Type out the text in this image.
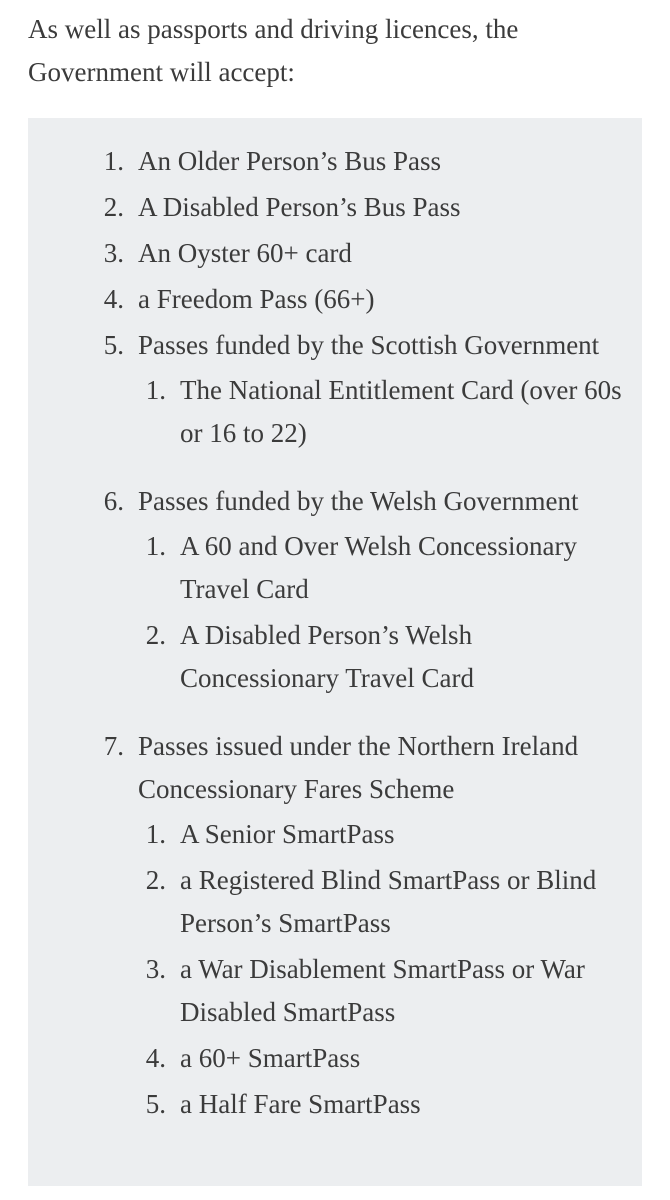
As well as passports and driving licences, the Government will accept:

1. An Older Person’s Bus Pass
2. A Disabled Person’s Bus Pass
3. An Oyster 60+ card
4. a Freedom Pass (66+)
5. Passes funded by the Scottish Government
1. The National Entitlement Card (over 60s or 16 to 22)
6. Passes funded by the Welsh Government
1. A 60 and Over Welsh Concessionary Travel Card
2. A Disabled Person’s Welsh Concessionary Travel Card
7. Passes issued under the Northern Ireland Concessionary Fares Scheme
1. A Senior SmartPass
2. a Registered Blind SmartPass or Blind Person’s SmartPass
3. a War Disablement SmartPass or War Disabled SmartPass
4. a 60+ SmartPass
5. a Half Fare SmartPass
